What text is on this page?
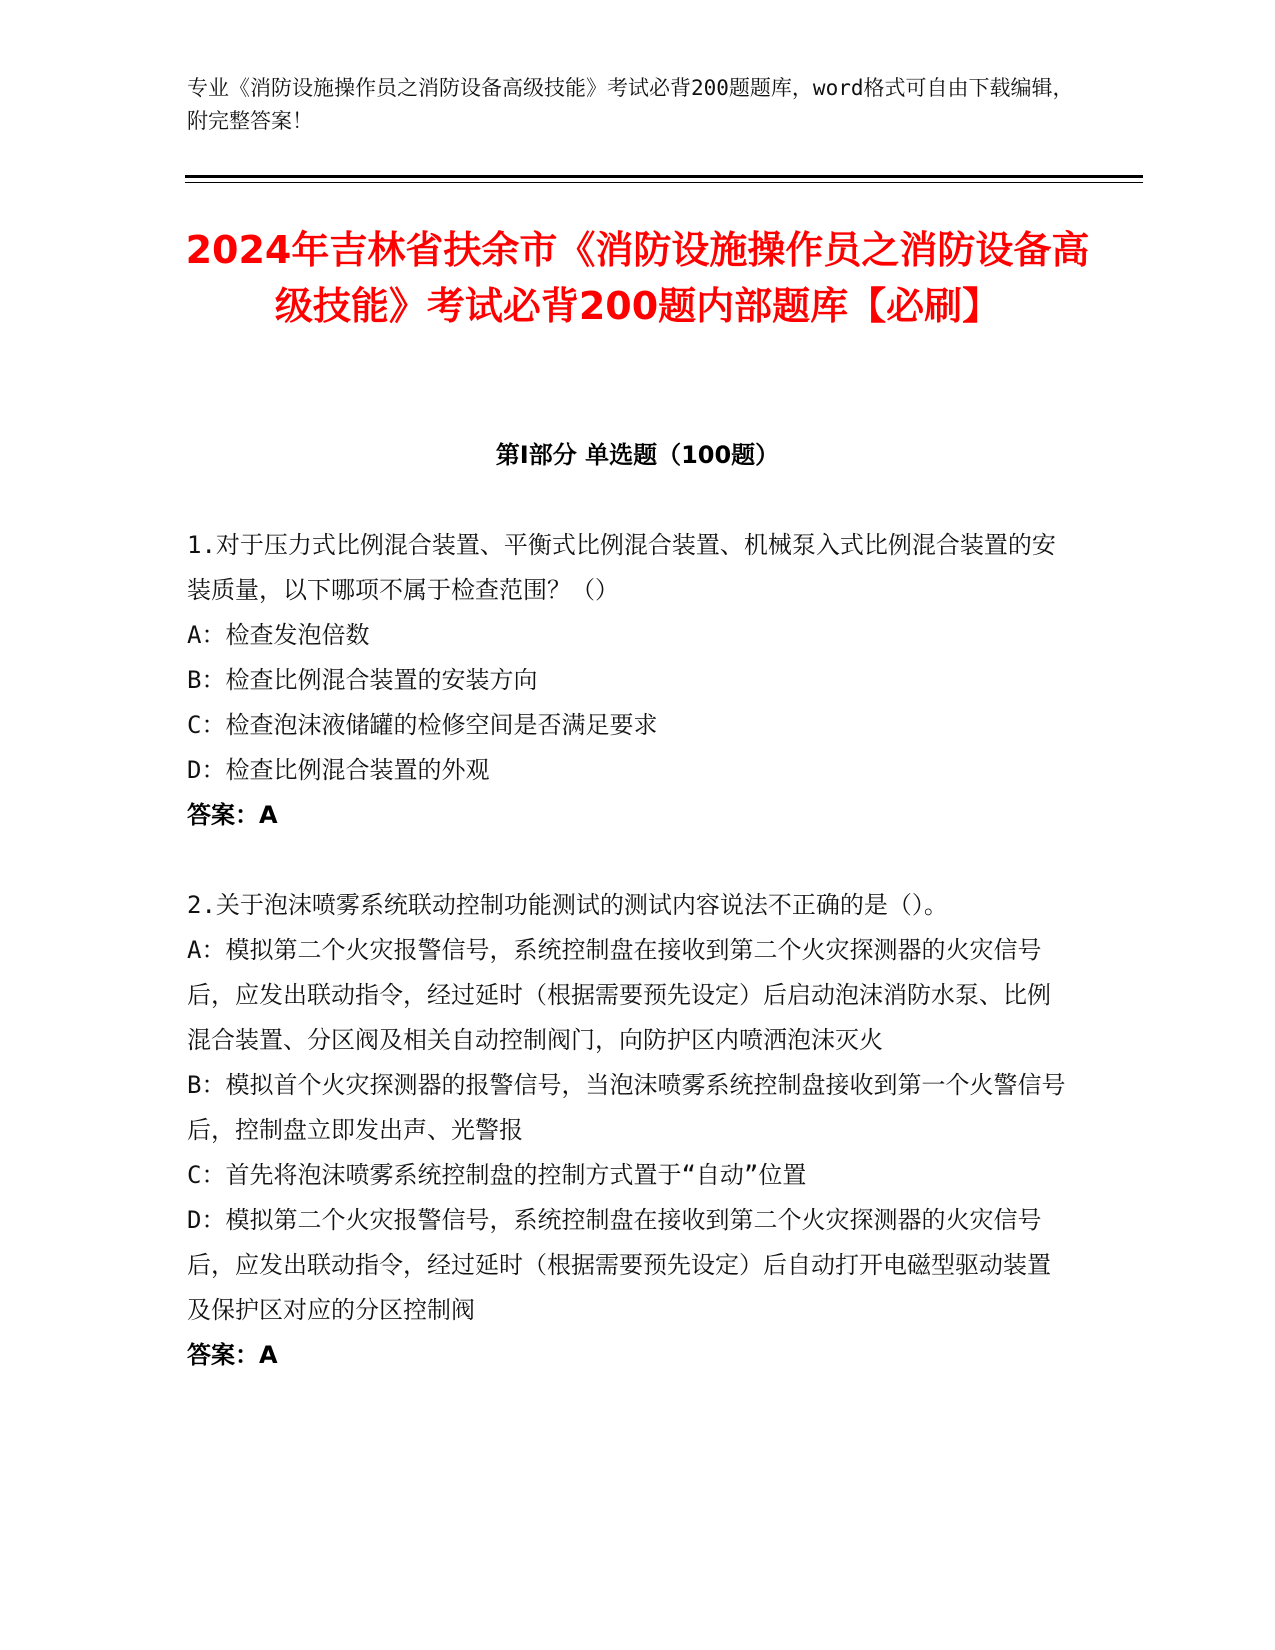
专业《消防设施操作员之消防设备高级技能》考试必背200题题库，word格式可自由下载编辑，附完整答案！
2024年吉林省扶余市《消防设施操作员之消防设备高级技能》考试必背200题内部题库【必刷】
第I部分 单选题（100题）
1.对于压力式比例混合装置、平衡式比例混合装置、机械泵入式比例混合装置的安装质量，以下哪项不属于检查范围？（）
A：检查发泡倍数
B：检查比例混合装置的安装方向
C：检查泡沫液储罐的检修空间是否满足要求
D：检查比例混合装置的外观
答案：A
2.关于泡沫喷雾系统联动控制功能测试的测试内容说法不正确的是（）。
A：模拟第二个火灾报警信号，系统控制盘在接收到第二个火灾探测器的火灾信号后，应发出联动指令，经过延时（根据需要预先设定）后启动泡沫消防水泵、比例混合装置、分区阀及相关自动控制阀门，向防护区内喷洒泡沫灭火
B：模拟首个火灾探测器的报警信号，当泡沫喷雾系统控制盘接收到第一个火警信号后，控制盘立即发出声、光警报
C：首先将泡沫喷雾系统控制盘的控制方式置于“自动”位置
D：模拟第二个火灾报警信号，系统控制盘在接收到第二个火灾探测器的火灾信号后，应发出联动指令，经过延时（根据需要预先设定）后自动打开电磁型驱动装置及保护区对应的分区控制阀
答案：A
